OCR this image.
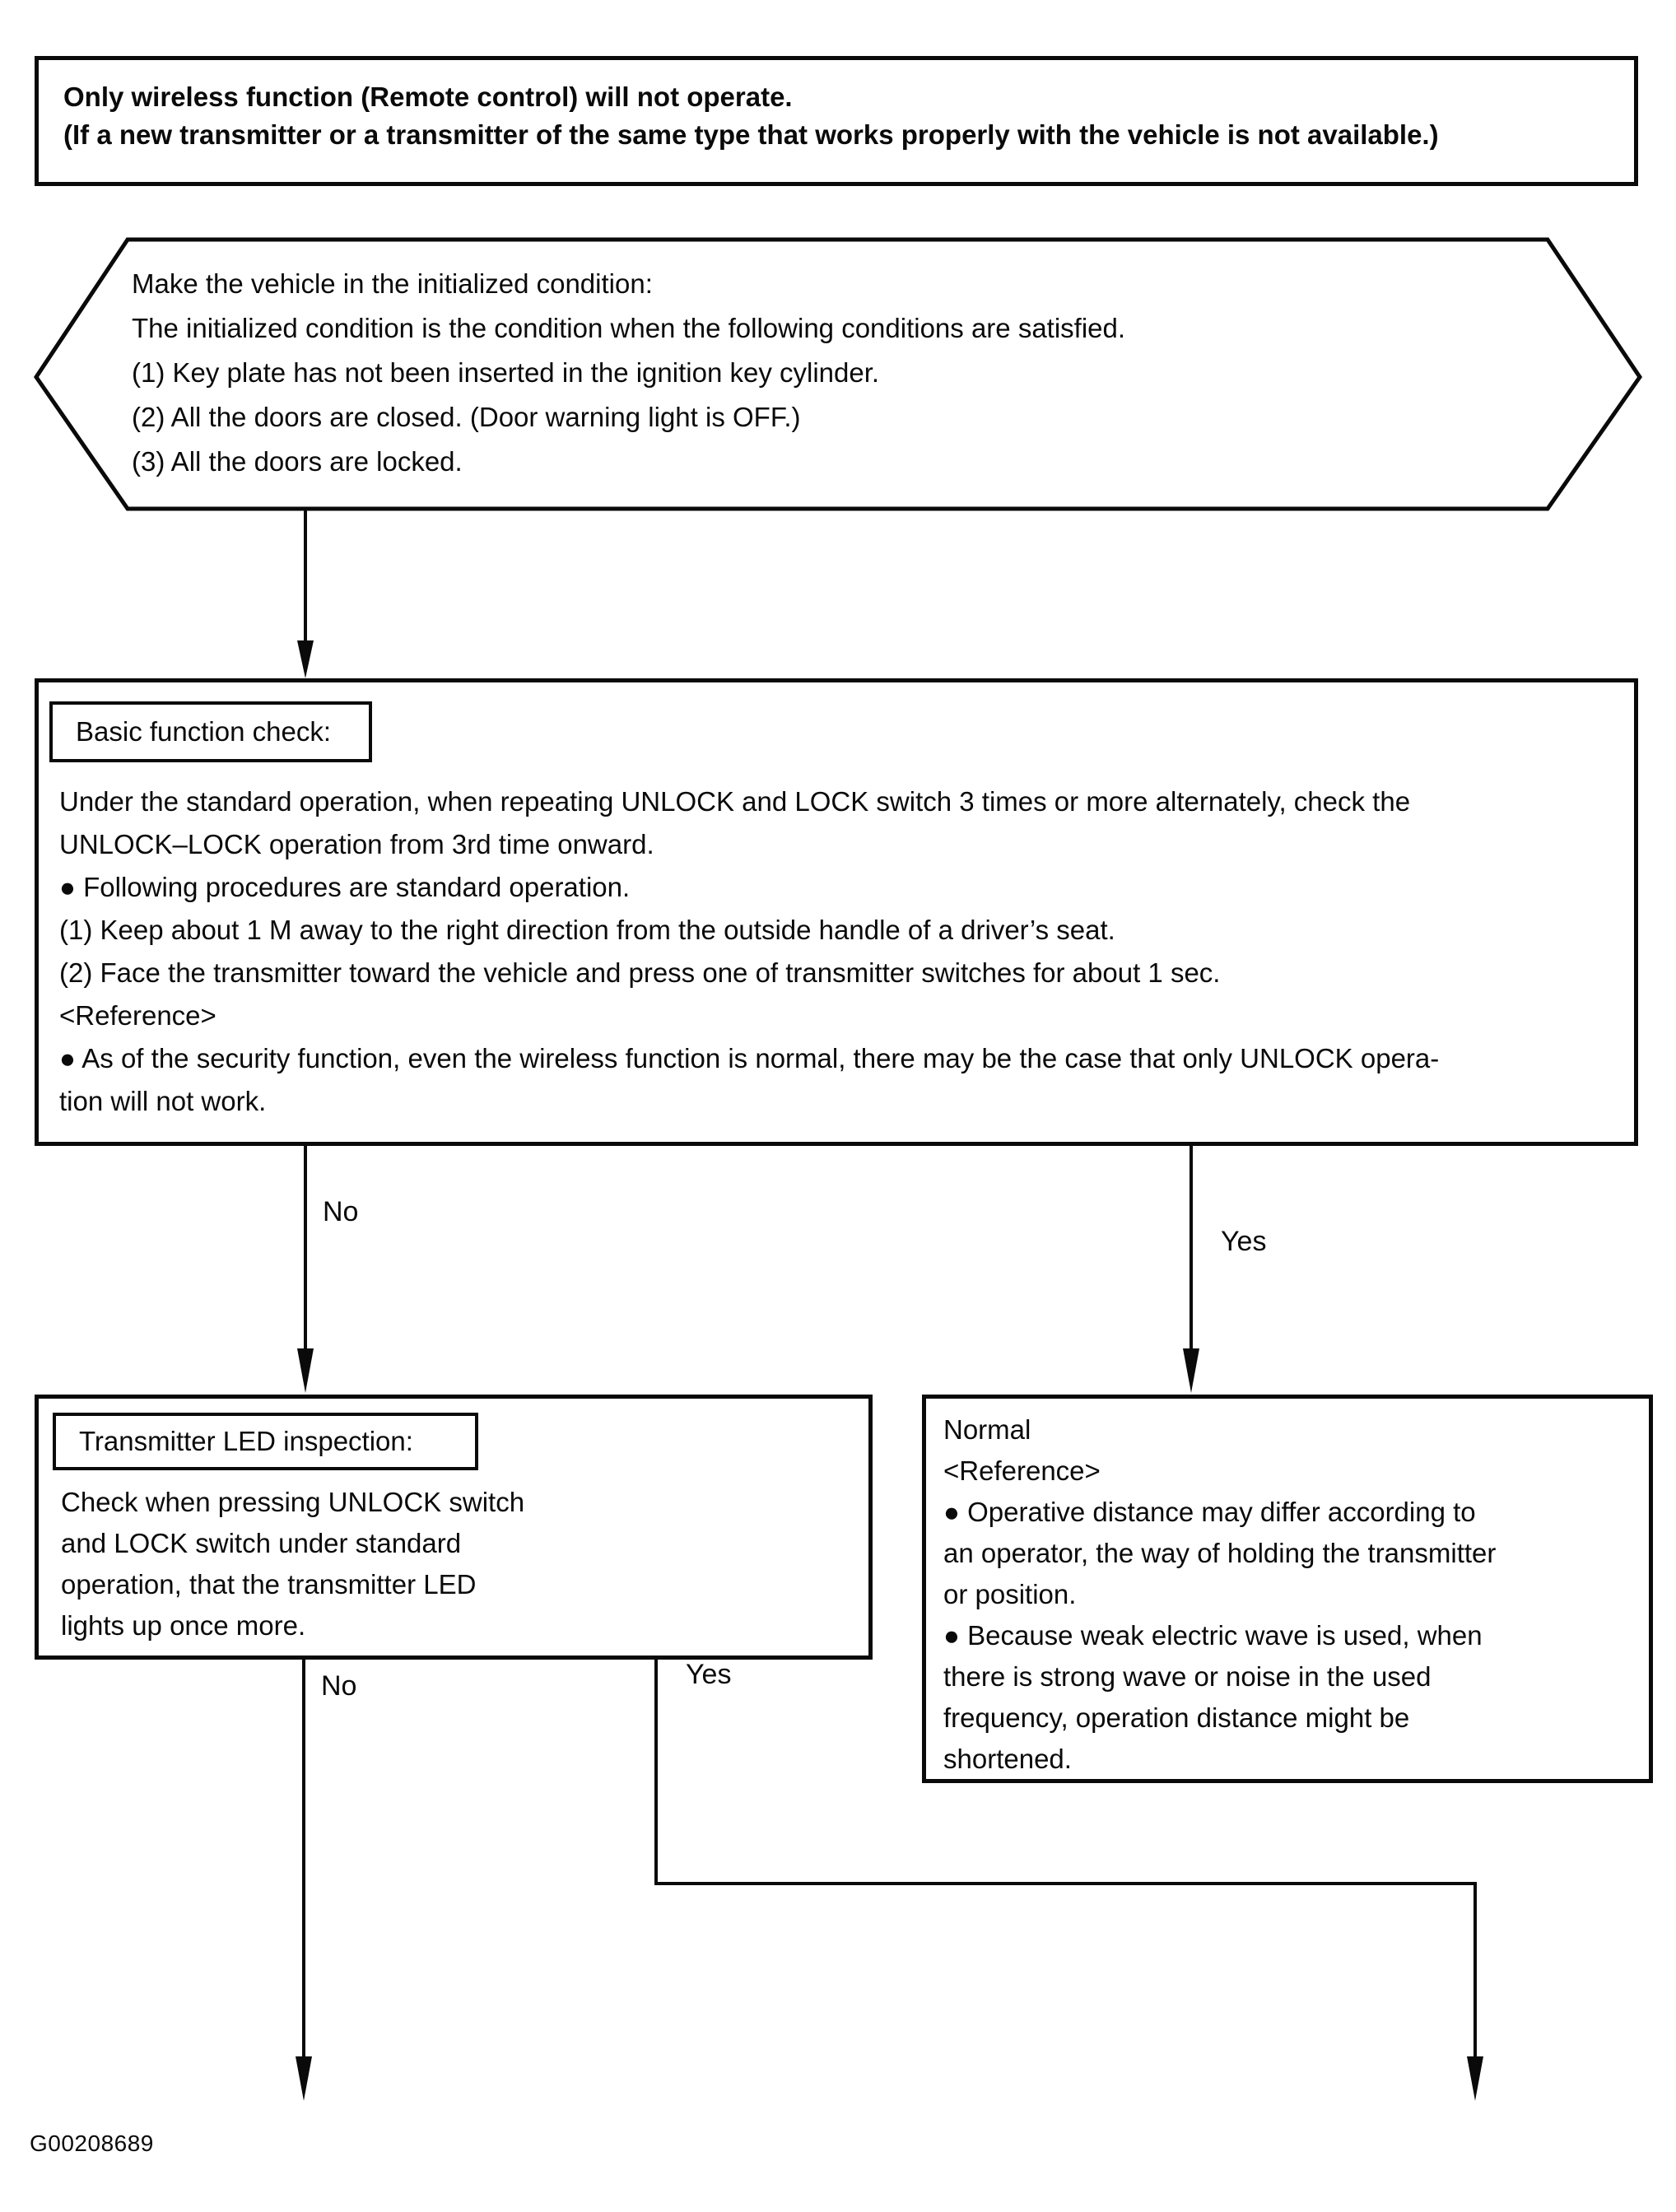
Only wireless function (Remote control) will not operate.
(If a new transmitter or a transmitter of the same type that works properly with the vehicle is not available.)
Make the vehicle in the initialized condition:
The initialized condition is the condition when the following conditions are satisfied.
(1) Key plate has not been inserted in the ignition key cylinder.
(2) All the doors are closed. (Door warning light is OFF.)
(3) All the doors are locked.
Basic function check:
Under the standard operation, when repeating UNLOCK and LOCK switch 3 times or more alternately, check the
UNLOCK–LOCK operation from 3rd time onward.
● Following procedures are standard operation.
(1) Keep about 1 M away to the right direction from the outside handle of a driver’s seat.
(2) Face the transmitter toward the vehicle and press one of transmitter switches for about 1 sec.
<Reference>
● As of the security function, even the wireless function is normal, there may be the case that only UNLOCK opera-
tion will not work.
No
Yes
Transmitter LED inspection:
Check when pressing UNLOCK switch
and LOCK switch under standard
operation, that the transmitter LED
lights up once more.
Normal
<Reference>
● Operative distance may differ according to
an operator, the way of holding the transmitter
or position.
● Because weak electric wave is used, when
there is strong wave or noise in the used
frequency, operation distance might be
shortened.
No	Yes
G00208689
